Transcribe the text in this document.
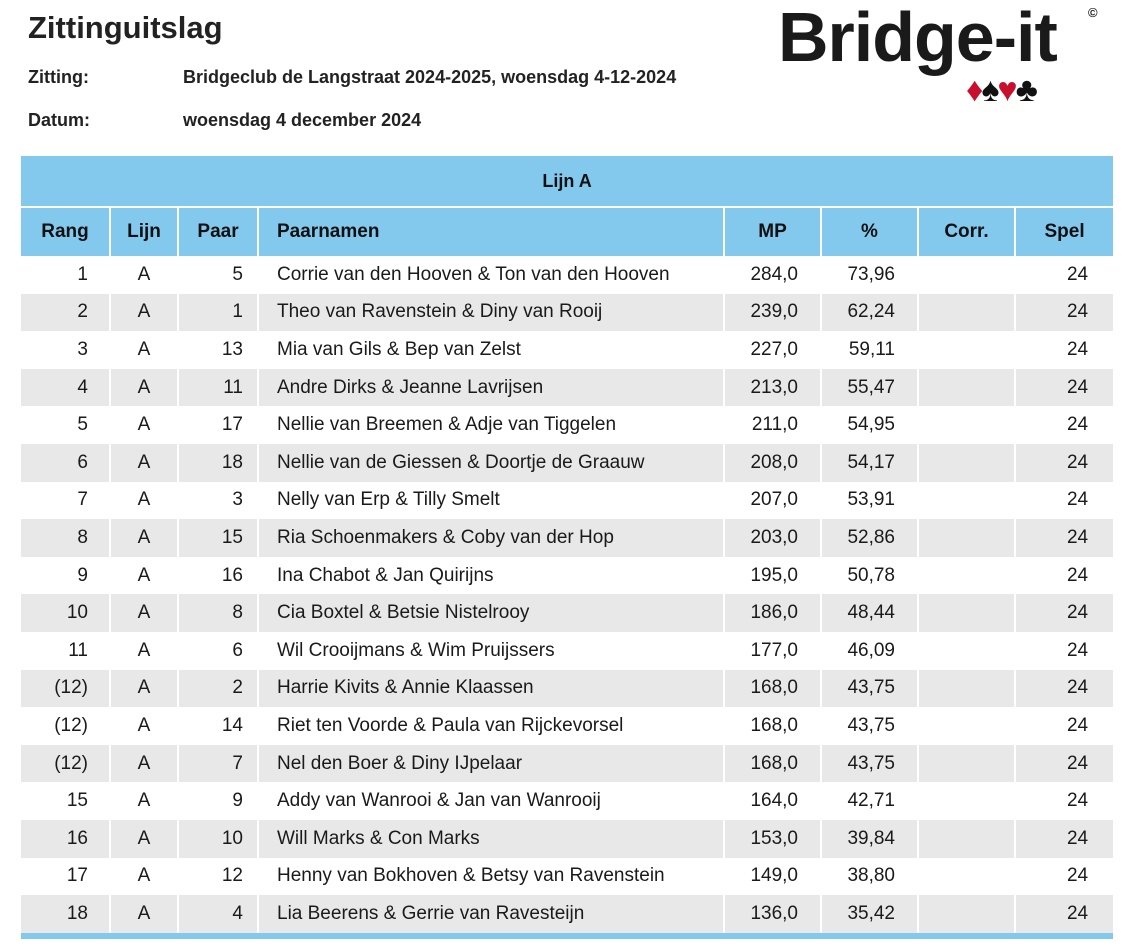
Zittinguitslag
Zitting:	Bridgeclub de Langstraat 2024-2025, woensdag 4-12-2024
Datum:	woensdag 4 december 2024
Bridge-it ©
♦♠♥♣
Lijn A							
Rang	Lijn	Paar	Paarnamen	MP	%	Corr.	Spel
1	A	5	Corrie van den Hooven & Ton van den Hooven	284,0	73,96		24
2	A	1	Theo van Ravenstein & Diny van Rooij	239,0	62,24		24
3	A	13	Mia van Gils & Bep van Zelst	227,0	59,11		24
4	A	11	Andre Dirks & Jeanne Lavrijsen	213,0	55,47		24
5	A	17	Nellie van Breemen & Adje van Tiggelen	211,0	54,95		24
6	A	18	Nellie van de Giessen & Doortje de Graauw	208,0	54,17		24
7	A	3	Nelly van Erp & Tilly Smelt	207,0	53,91		24
8	A	15	Ria Schoenmakers & Coby van der Hop	203,0	52,86		24
9	A	16	Ina Chabot & Jan Quirijns	195,0	50,78		24
10	A	8	Cia Boxtel & Betsie Nistelrooy	186,0	48,44		24
11	A	6	Wil Crooijmans & Wim Pruijssers	177,0	46,09		24
(12)	A	2	Harrie Kivits & Annie Klaassen	168,0	43,75		24
(12)	A	14	Riet ten Voorde & Paula van Rijckevorsel	168,0	43,75		24
(12)	A	7	Nel den Boer & Diny IJpelaar	168,0	43,75		24
15	A	9	Addy van Wanrooi & Jan van Wanrooij	164,0	42,71		24
16	A	10	Will Marks & Con Marks	153,0	39,84		24
17	A	12	Henny van Bokhoven & Betsy van Ravenstein	149,0	38,80		24
18	A	4	Lia Beerens & Gerrie van Ravesteijn	136,0	35,42		24
